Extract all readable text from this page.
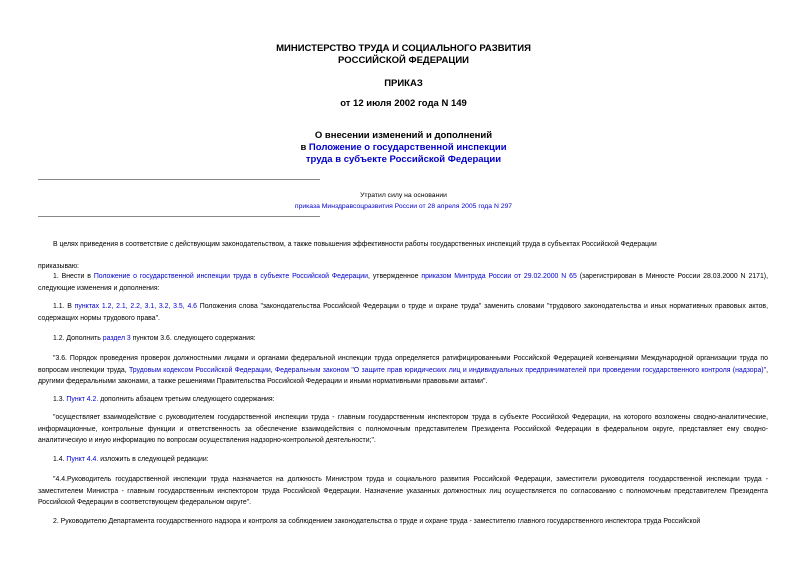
МИНИСТЕРСТВО ТРУДА И СОЦИАЛЬНОГО РАЗВИТИЯ
РОССИЙСКОЙ ФЕДЕРАЦИИ
ПРИКАЗ
от 12 июля 2002 года N 149
О внесении изменений и дополнений
в Положение о государственной инспекции
труда в субъекте Российской Федерации
Утратил силу на основании
приказа Минздравсоцразвития России от 28 апреля 2005 года N 297
В целях приведения в соответствие с действующим законодательством, а также повышения эффективности работы государственных инспекций труда в субъектах Российской Федерации
приказываю:
1. Внести в Положение о государственной инспекции труда в субъекте Российской Федерации, утвержденное приказом Минтруда России от 29.02.2000 N 65 (зарегистрирован в Минюсте России 28.03.2000 N 2171), следующие изменения и дополнения:
1.1. В пунктах 1.2, 2.1, 2.2, 3.1, 3.2, 3.5, 4.6 Положения слова "законодательства Российской Федерации о труде и охране труда" заменить словами "трудового законодательства и иных нормативных правовых актов, содержащих нормы трудового права".
1.2. Дополнить раздел 3 пунктом 3.6. следующего содержания:
"3.6. Порядок проведения проверок должностными лицами и органами федеральной инспекции труда определяется ратифицированными Российской Федерацией конвенциями Международной организации труда по вопросам инспекции труда, Трудовым кодексом Российской Федерации, Федеральным законом "О защите прав юридических лиц и индивидуальных предпринимателей при проведении государственного контроля (надзора)", другими федеральными законами, а также решениями Правительства Российской Федерации и иными нормативными правовыми актами".
1.3. Пункт 4.2. дополнить абзацем третьим следующего содержания:
"осуществляет взаимодействие с руководителем государственной инспекции труда - главным государственным инспектором труда в субъекте Российской Федерации, на которого возложены сводно-аналитические, информационные, контрольные функции и ответственность за обеспечение взаимодействия с полномочным представителем Президента Российской Федерации в федеральном округе, представляет ему сводно-аналитическую и иную информацию по вопросам осуществления надзорно-контрольной деятельности;".
1.4. Пункт 4.4. изложить в следующей редакции:
"4.4.Руководитель государственной инспекции труда назначается на должность Министром труда и социального развития Российской Федерации, заместители руководителя государственной инспекции труда - заместителем Министра - главным государственным инспектором труда Российской Федерации. Назначение указанных должностных лиц осуществляется по согласованию с полномочным представителем Президента Российской Федерации в соответствующем федеральном округе".
2. Руководителю Департамента государственного надзора и контроля за соблюдением законодательства о труде и охране труда - заместителю главного государственного инспектора труда Российской
